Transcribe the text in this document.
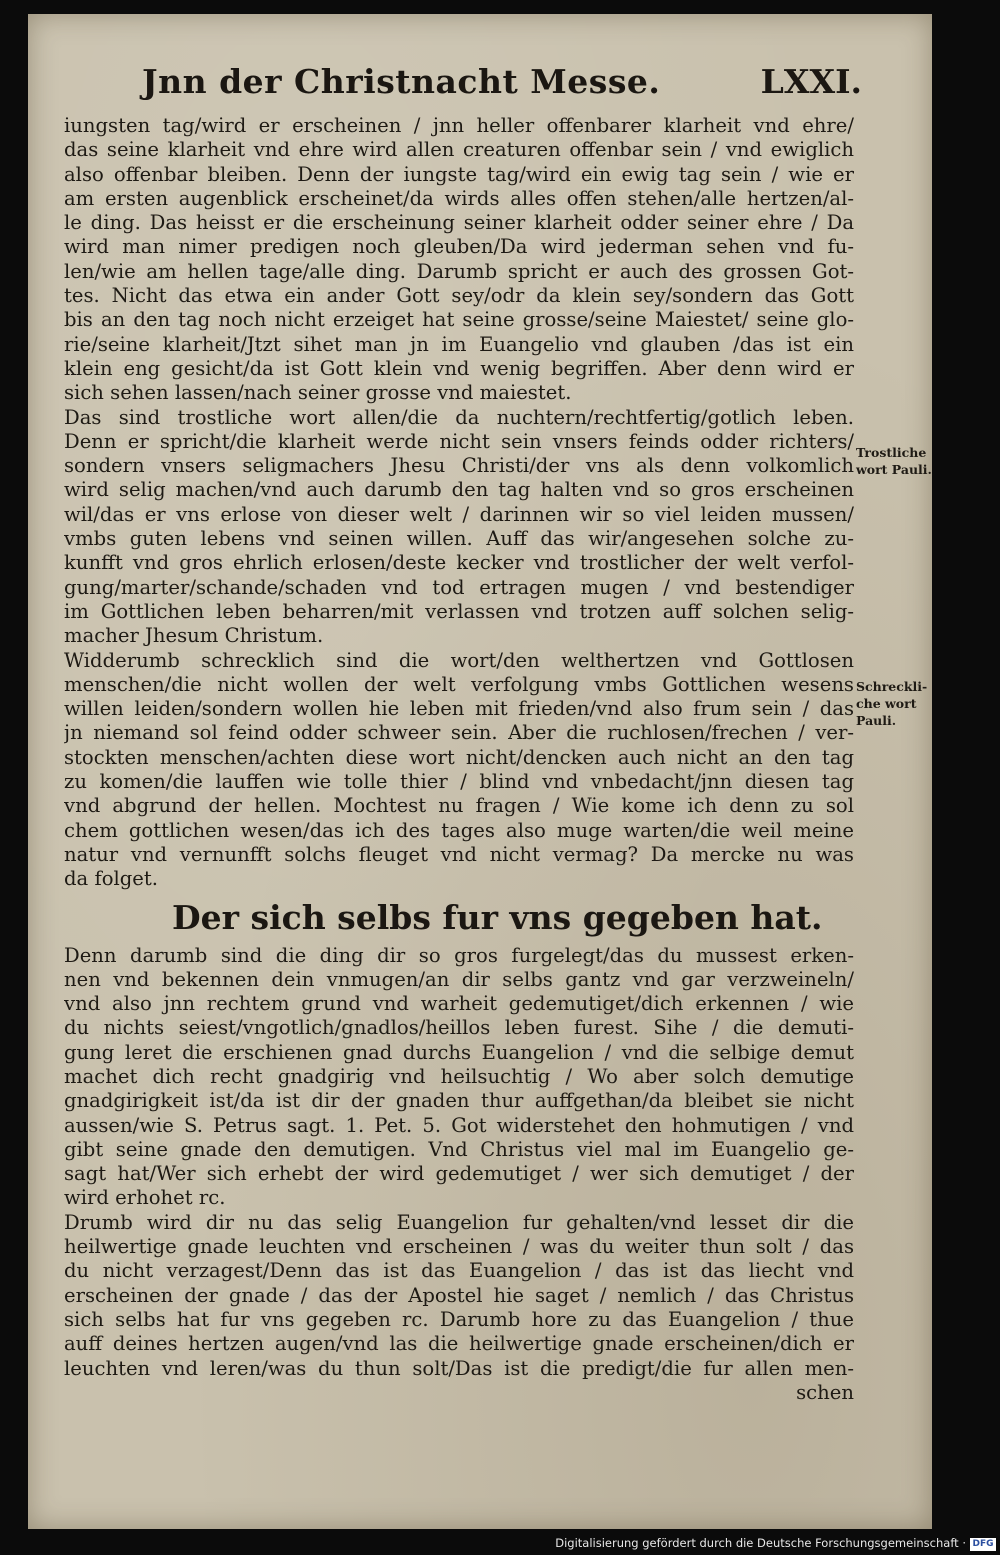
Jnn der Christnacht Messe.	LXXI.
iungsten tag/wird er erscheinen / jnn heller offenbarer klarheit vnd ehre/
das seine klarheit vnd ehre wird allen creaturen offenbar sein / vnd ewiglich
also offenbar bleiben. Denn der iungste tag/wird ein ewig tag sein / wie er
am ersten augenblick erscheinet/da wirds alles offen stehen/alle hertzen/al-
le ding. Das heisst er die erscheinung seiner klarheit odder seiner ehre / Da
wird man nimer predigen noch gleuben/Da wird jederman sehen vnd fu-
len/wie am hellen tage/alle ding. Darumb spricht er auch des grossen Got-
tes. Nicht das etwa ein ander Gott sey/odr da klein sey/sondern das Gott
bis an den tag noch nicht erzeiget hat seine grosse/seine Maiestet/ seine glo-
rie/seine klarheit/Jtzt sihet man jn im Euangelio vnd glauben /das ist ein
klein eng gesicht/da ist Gott klein vnd wenig begriffen. Aber denn wird er
sich sehen lassen/nach seiner grosse vnd maiestet.
Das sind trostliche wort allen/die da nuchtern/rechtfertig/gotlich leben.
Denn er spricht/die klarheit werde nicht sein vnsers feinds odder richters/
sondern vnsers seligmachers Jhesu Christi/der vns als denn volkomlich
wird selig machen/vnd auch darumb den tag halten vnd so gros erscheinen
wil/das er vns erlose von dieser welt / darinnen wir so viel leiden mussen/
vmbs guten lebens vnd seinen willen. Auff das wir/angesehen solche zu-
kunfft vnd gros ehrlich erlosen/deste kecker vnd trostlicher der welt verfol-
gung/marter/schande/schaden vnd tod ertragen mugen / vnd bestendiger
im Gottlichen leben beharren/mit verlassen vnd trotzen auff solchen selig-
macher Jhesum Christum.
Widderumb schrecklich sind die wort/den welthertzen vnd Gottlosen
menschen/die nicht wollen der welt verfolgung vmbs Gottlichen wesens
willen leiden/sondern wollen hie leben mit frieden/vnd also frum sein / das
jn niemand sol feind odder schweer sein. Aber die ruchlosen/frechen / ver-
stockten menschen/achten diese wort nicht/dencken auch nicht an den tag
zu komen/die lauffen wie tolle thier / blind vnd vnbedacht/jnn diesen tag
vnd abgrund der hellen. Mochtest nu fragen / Wie kome ich denn zu sol
chem gottlichen wesen/das ich des tages also muge warten/die weil meine
natur vnd vernunfft solchs fleuget vnd nicht vermag? Da mercke nu was
da folget.
Der sich selbs fur vns gegeben hat.
Denn darumb sind die ding dir so gros furgelegt/das du mussest erken-
nen vnd bekennen dein vnmugen/an dir selbs gantz vnd gar verzweineln/
vnd also jnn rechtem grund vnd warheit gedemutiget/dich erkennen / wie
du nichts seiest/vngotlich/gnadlos/heillos leben furest. Sihe / die demuti-
gung leret die erschienen gnad durchs Euangelion / vnd die selbige demut
machet dich recht gnadgirig vnd heilsuchtig / Wo aber solch demutige
gnadgirigkeit ist/da ist dir der gnaden thur auffgethan/da bleibet sie nicht
aussen/wie S. Petrus sagt. 1. Pet. 5. Got widerstehet den hohmutigen / vnd
gibt seine gnade den demutigen. Vnd Christus viel mal im Euangelio ge-
sagt hat/Wer sich erhebt der wird gedemutiget / wer sich demutiget / der
wird erhohet rc.
Drumb wird dir nu das selig Euangelion fur gehalten/vnd lesset dir die
heilwertige gnade leuchten vnd erscheinen / was du weiter thun solt / das
du nicht verzagest/Denn das ist das Euangelion / das ist das liecht vnd
erscheinen der gnade / das der Apostel hie saget / nemlich / das Christus
sich selbs hat fur vns gegeben rc. Darumb hore zu das Euangelion / thue
auff deines hertzen augen/vnd las die heilwertige gnade erscheinen/dich er
leuchten vnd leren/was du thun solt/Das ist die predigt/die fur allen men-
schen
Trostliche
wort Pauli.
Schreckli-
che wort
Pauli.
Digitalisierung gefördert durch die Deutsche Forschungsgemeinschaft · DFG
